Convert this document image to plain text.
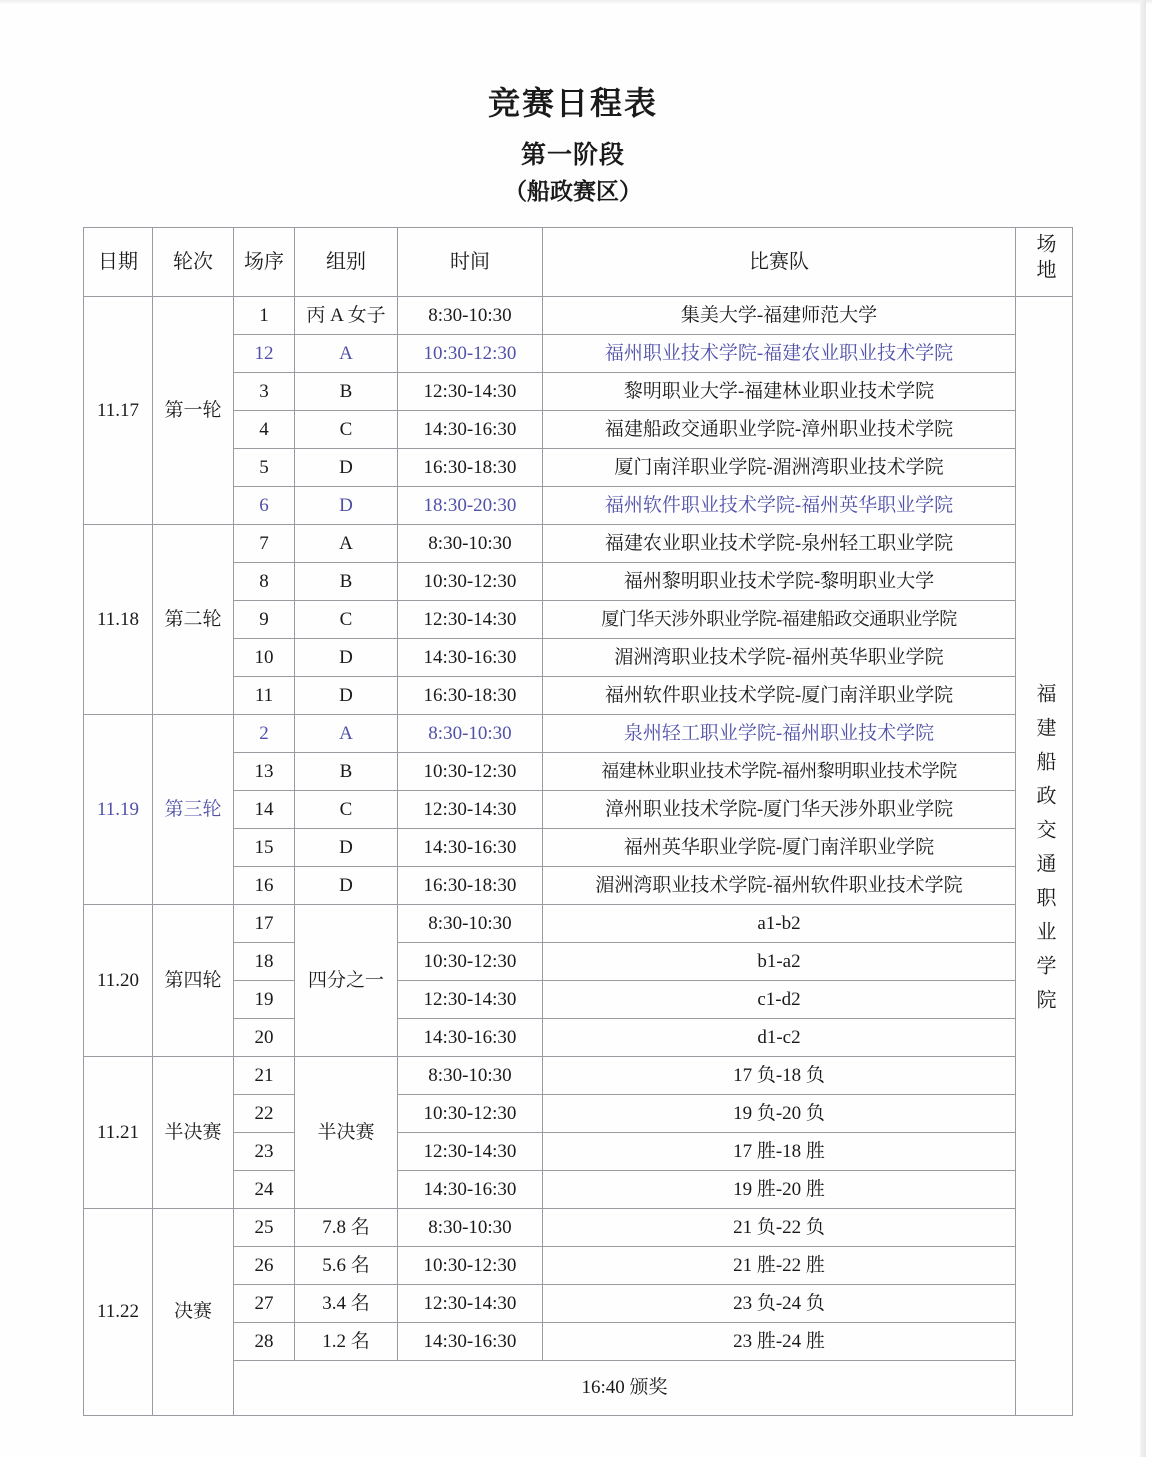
竞赛日程表
第一阶段
（船政赛区）
日期	轮次	场序	组别	时间	比赛队	场地
11.17	第一轮	1	丙 A 女子	8:30-10:30	集美大学-福建师范大学	福建船政交通职业学院
		12	A	10:30-12:30	福州职业技术学院-福建农业职业技术学院	
		3	B	12:30-14:30	黎明职业大学-福建林业职业技术学院	
		4	C	14:30-16:30	福建船政交通职业学院-漳州职业技术学院	
		5	D	16:30-18:30	厦门南洋职业学院-湄洲湾职业技术学院	
		6	D	18:30-20:30	福州软件职业技术学院-福州英华职业学院	
11.18	第二轮	7	A	8:30-10:30	福建农业职业技术学院-泉州轻工职业学院	
		8	B	10:30-12:30	福州黎明职业技术学院-黎明职业大学	
		9	C	12:30-14:30	厦门华天涉外职业学院-福建船政交通职业学院	
		10	D	14:30-16:30	湄洲湾职业技术学院-福州英华职业学院	
		11	D	16:30-18:30	福州软件职业技术学院-厦门南洋职业学院	
11.19	第三轮	2	A	8:30-10:30	泉州轻工职业学院-福州职业技术学院	
		13	B	10:30-12:30	福建林业职业技术学院-福州黎明职业技术学院	
		14	C	12:30-14:30	漳州职业技术学院-厦门华天涉外职业学院	
		15	D	14:30-16:30	福州英华职业学院-厦门南洋职业学院	
		16	D	16:30-18:30	湄洲湾职业技术学院-福州软件职业技术学院	
11.20	第四轮	17	四分之一	8:30-10:30	a1-b2	
		18		10:30-12:30	b1-a2	
		19		12:30-14:30	c1-d2	
		20		14:30-16:30	d1-c2	
11.21	半决赛	21	半决赛	8:30-10:30	17 负-18 负	
		22		10:30-12:30	19 负-20 负	
		23		12:30-14:30	17 胜-18 胜	
		24		14:30-16:30	19 胜-20 胜	
11.22	决赛	25	7.8 名	8:30-10:30	21 负-22 负	
		26	5.6 名	10:30-12:30	21 胜-22 胜	
		27	3.4 名	12:30-14:30	23 负-24 负	
		28	1.2 名	14:30-16:30	23 胜-24 胜	
		16:40 颁奖				
